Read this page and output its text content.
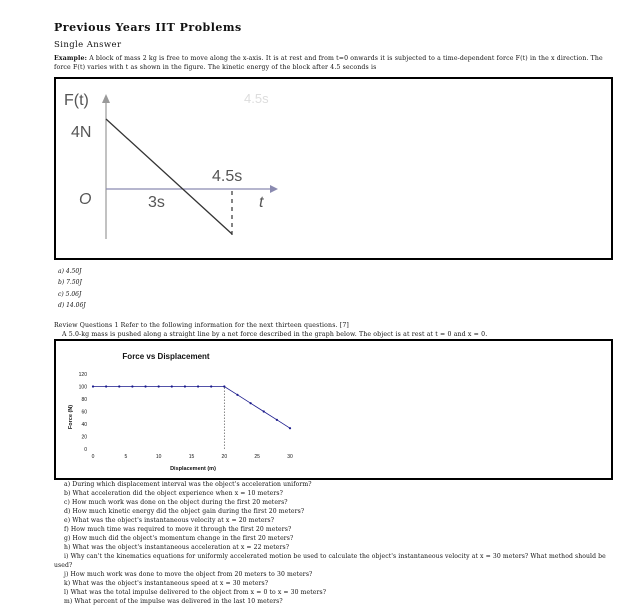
Previous Years IIT Problems
Single Answer
Example: A block of mass 2 kg is free to move along the x-axis. It is at rest and from t=0 onwards it is subjected to a time-dependent force F(t) in the x direction. The force F(t) varies with t as shown in the figure. The kinetic energy of the block after 4.5 seconds is
4.5s
F(t)
4N
O	3s
4.5s
t
a) 4.50J
b) 7.50J
c) 5.06J
d) 14.06J
Review Questions 1 Refer to the following information for the next thirteen questions. [7]
A 5.0-kg mass is pushed along a straight line by a net force described in the graph below. The object is at rest at t = 0 and x = 0.
Force vs Displacement
Displacement (m)
Force (N)
0
20
40
60
80
100
120
0	5	10	15	20	25	30
a) During which displacement interval was the object's acceleration uniform?
b) What acceleration did the object experience when x = 10 meters?
c) How much work was done on the object during the first 20 meters?
d) How much kinetic energy did the object gain during the first 20 meters?
e) What was the object's instantaneous velocity at x = 20 meters?
f) How much time was required to move it through the first 20 meters?
g) How much did the object's momentum change in the first 20 meters?
h) What was the object's instantaneous acceleration at x = 22 meters?
i) Why can't the kinematics equations for uniformly accelerated motion be used to calculate the object's instantaneous velocity at x = 30 meters? What method should be used?
j) How much work was done to move the object from 20 meters to 30 meters?
k) What was the object's instantaneous speed at x = 30 meters?
l) What was the total impulse delivered to the object from x = 0 to x = 30 meters?
m) What percent of the impulse was delivered in the last 10 meters?
